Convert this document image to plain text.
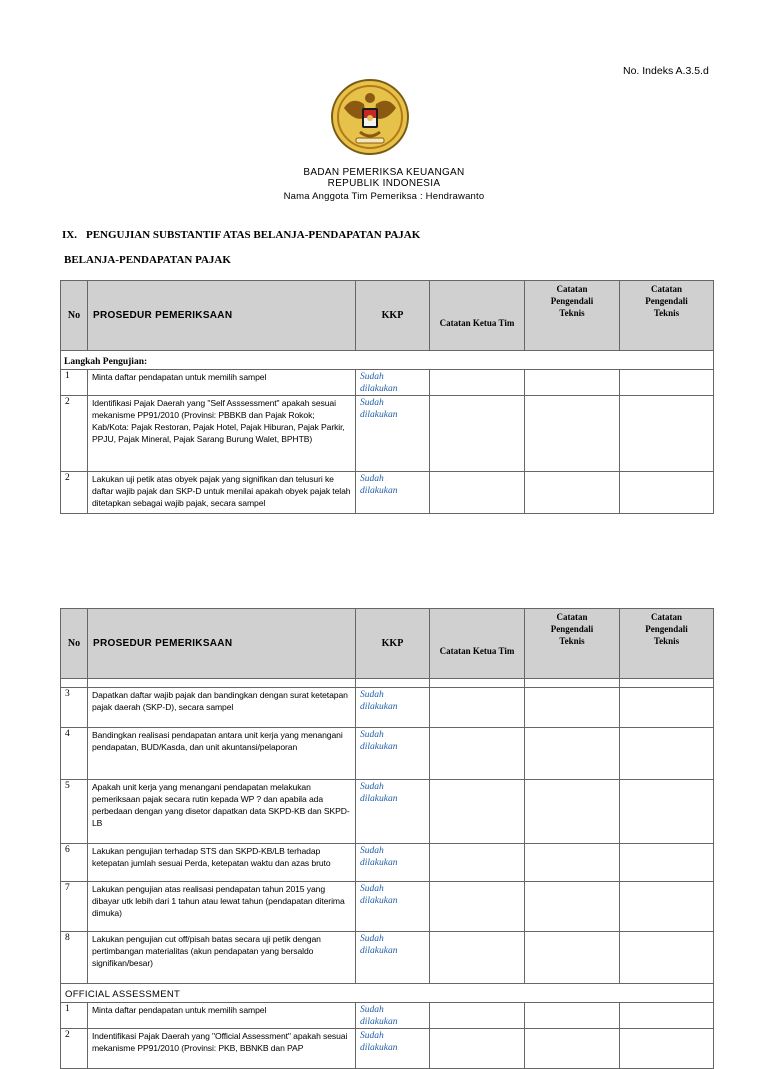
No. Indeks A.3.5.d
BADAN PEMERIKSA KEUANGAN
REPUBLIK INDONESIA
Nama Anggota Tim Pemeriksa : Hendrawanto
IX. PENGUJIAN SUBSTANTIF ATAS BELANJA-PENDAPATAN PAJAK
BELANJA-PENDAPATAN PAJAK
No	PROSEDUR PEMERIKSAAN	KKP	Catatan Ketua Tim	Catatan
Pengendali
Teknis	Catatan
Pengendali
Teknis
Langkah Pengujian:					
1	Minta daftar pendapatan untuk memilih sampel	Sudah
dilakukan			

2	Identifikasi Pajak Daerah yang "Self Asssessment" apakah sesuai mekanisme PP91/2010 (Provinsi: PBBKB dan Pajak Rokok; Kab/Kota: Pajak Restoran, Pajak Hotel, Pajak Hiburan, Pajak Parkir, PPJU, Pajak Mineral, Pajak Sarang Burung Walet, BPHTB)	Sudah
dilakukan			

2	Lakukan uji petik atas obyek pajak yang signifikan dan telusuri ke daftar wajib pajak dan SKP-D untuk menilai apakah obyek pajak telah ditetapkan sebagai wajib pajak, secara sampel	Sudah
dilakukan			

No	PROSEDUR PEMERIKSAAN	KKP	Catatan Ketua Tim	Catatan
Pengendali
Teknis	Catatan
Pengendali
Teknis

3	Dapatkan daftar wajib pajak dan bandingkan dengan surat ketetapan pajak daerah (SKP-D), secara sampel	Sudah
dilakukan			

4	Bandingkan realisasi pendapatan antara unit kerja yang menangani pendapatan, BUD/Kasda, dan unit akuntansi/pelaporan	Sudah
dilakukan			

5	Apakah unit kerja yang menangani pendapatan melakukan pemeriksaan pajak secara rutin kepada WP ? dan apabila ada perbedaan dengan yang disetor dapatkan data SKPD-KB dan SKPD-LB	Sudah
dilakukan			

6	Lakukan pengujian terhadap STS dan SKPD-KB/LB terhadap ketepatan jumlah sesuai Perda, ketepatan waktu dan azas bruto	Sudah
dilakukan			

7	Lakukan pengujian atas realisasi pendapatan tahun 2015 yang dibayar utk lebih dari 1 tahun atau lewat tahun (pendapatan diterima dimuka)	Sudah
dilakukan			

8	Lakukan pengujian cut off/pisah batas secara uji petik dengan pertimbangan materialitas (akun pendapatan yang bersaldo signifikan/besar)	Sudah
dilakukan			

OFFICIAL ASSESSMENT					
1	Minta daftar pendapatan untuk memilih sampel	Sudah
dilakukan			

2	Indentifikasi Pajak Daerah yang "Official Assessment" apakah sesuai mekanisme PP91/2010 (Provinsi: PKB, BBNKB dan PAP	Sudah
dilakukan			
